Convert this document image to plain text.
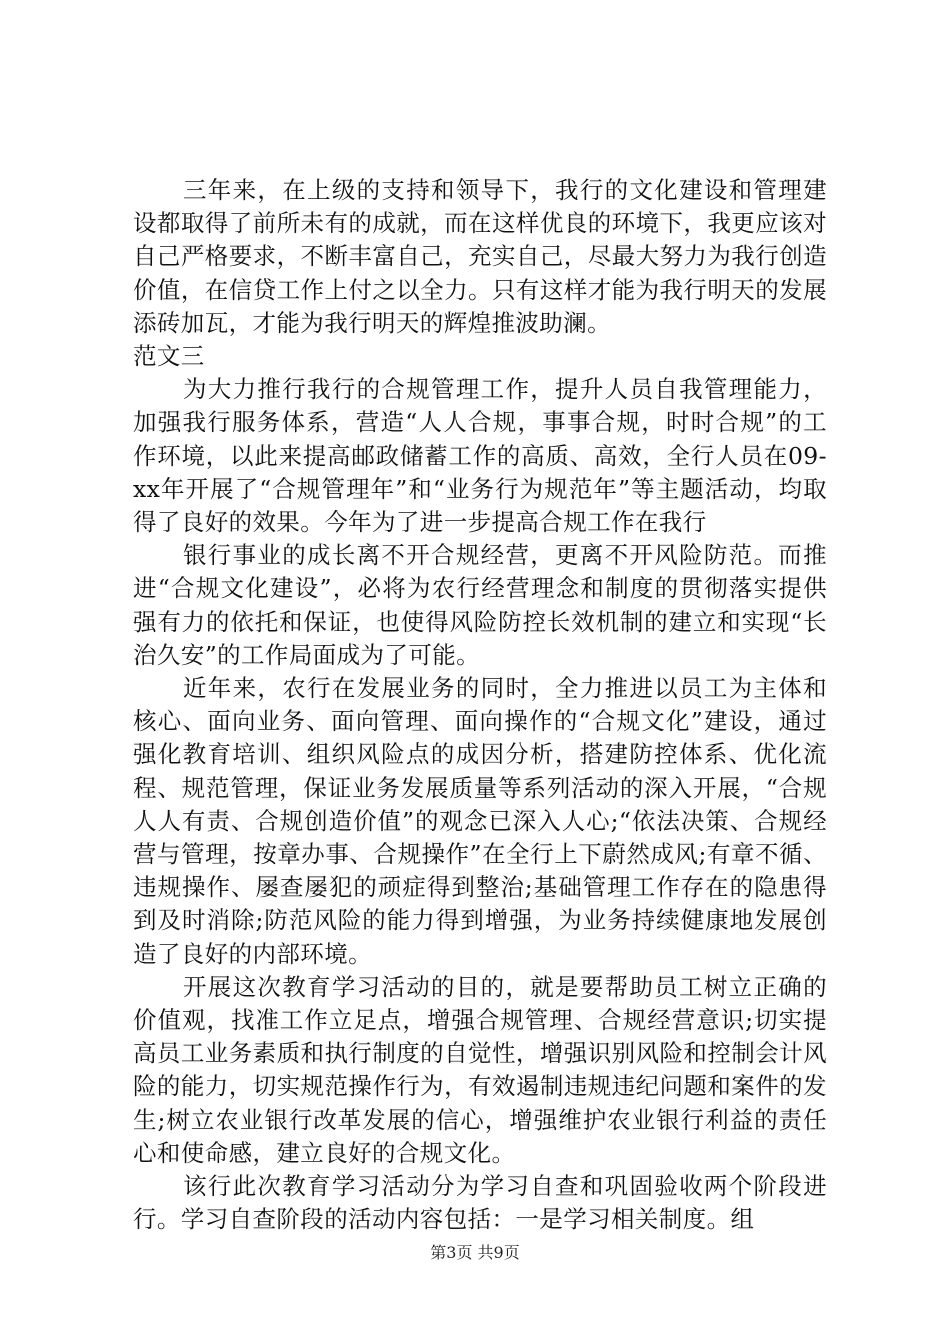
三年来，在上级的支持和领导下，我行的文化建设和管理建设都取得了前所未有的成就，而在这样优良的环境下，我更应该对自己严格要求，不断丰富自己，充实自己，尽最大努力为我行创造价值，在信贷工作上付之以全力。只有这样才能为我行明天的发展添砖加瓦，才能为我行明天的辉煌推波助澜。

范文三

为大力推行我行的合规管理工作，提升人员自我管理能力，加强我行服务体系，营造“人人合规，事事合规，时时合规”的工作环境，以此来提高邮政储蓄工作的高质、高效，全行人员在09-xx年开展了“合规管理年”和“业务行为规范年”等主题活动，均取得了良好的效果。今年为了进一步提高合规工作在我行

银行事业的成长离不开合规经营，更离不开风险防范。而推进“合规文化建设”，必将为农行经营理念和制度的贯彻落实提供强有力的依托和保证，也使得风险防控长效机制的建立和实现“长治久安”的工作局面成为了可能。

近年来，农行在发展业务的同时，全力推进以员工为主体和核心、面向业务、面向管理、面向操作的“合规文化”建设，通过强化教育培训、组织风险点的成因分析，搭建防控体系、优化流程、规范管理，保证业务发展质量等系列活动的深入开展，“合规人人有责、合规创造价值”的观念已深入人心;“依法决策、合规经营与管理，按章办事、合规操作”在全行上下蔚然成风;有章不循、违规操作、屡查屡犯的顽症得到整治;基础管理工作存在的隐患得到及时消除;防范风险的能力得到增强，为业务持续健康地发展创造了良好的内部环境。

开展这次教育学习活动的目的，就是要帮助员工树立正确的价值观，找准工作立足点，增强合规管理、合规经营意识;切实提高员工业务素质和执行制度的自觉性，增强识别风险和控制会计风险的能力，切实规范操作行为，有效遏制违规违纪问题和案件的发生;树立农业银行改革发展的信心，增强维护农业银行利益的责任心和使命感，建立良好的合规文化。

该行此次教育学习活动分为学习自查和巩固验收两个阶段进行。学习自查阶段的活动内容包括：一是学习相关制度。组

第3页 共9页
